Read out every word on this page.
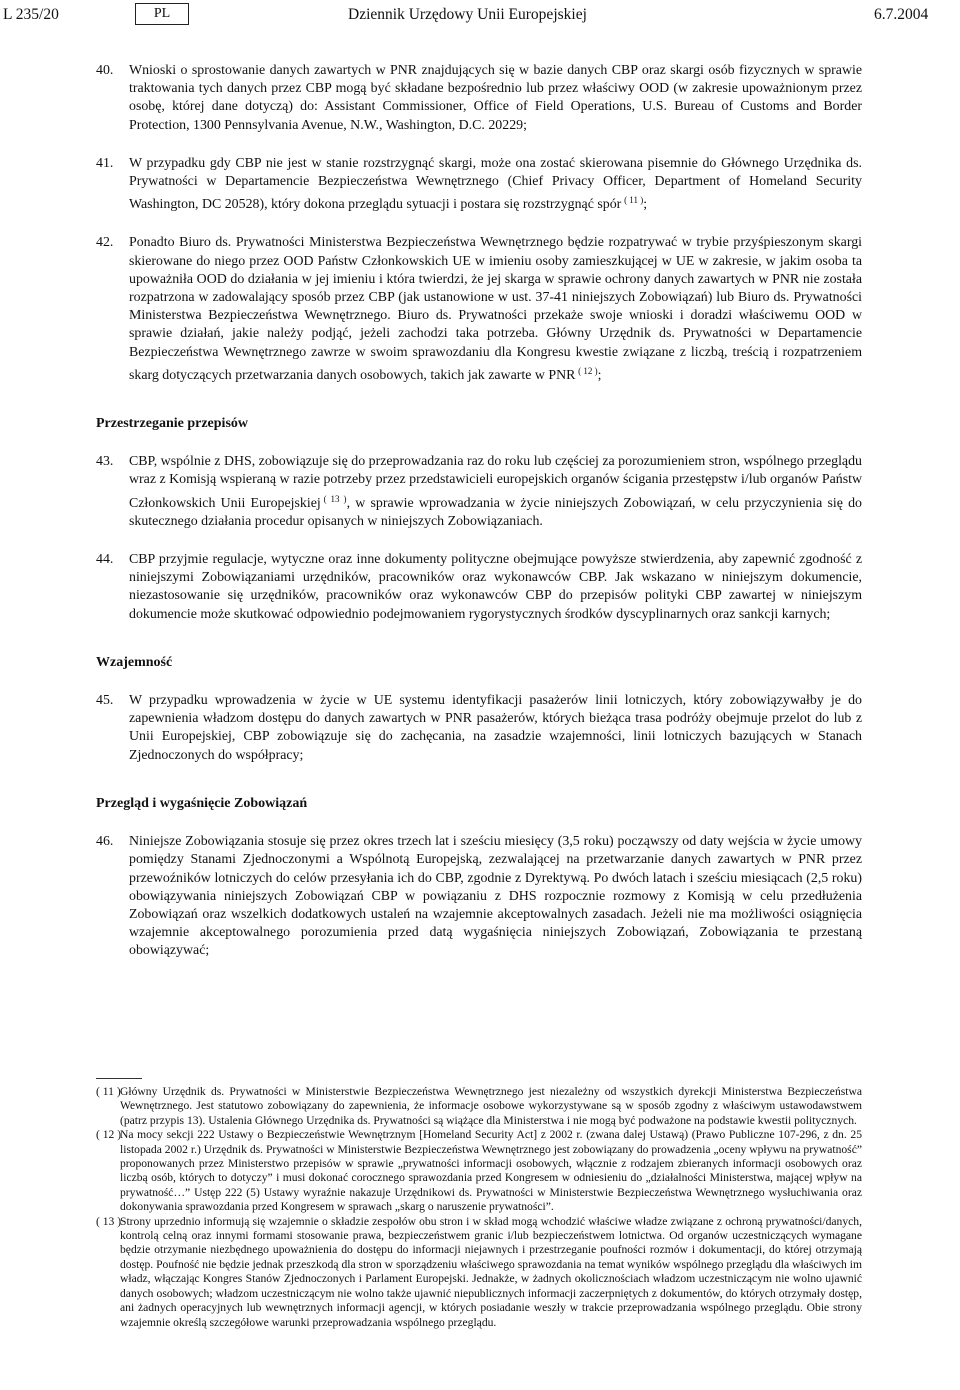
L 235/20	PL	Dziennik Urzędowy Unii Europejskiej	6.7.2004
40. Wnioski o sprostowanie danych zawartych w PNR znajdujących się w bazie danych CBP oraz skargi osób fizycznych w sprawie traktowania tych danych przez CBP mogą być składane bezpośrednio lub przez właściwy OOD (w zakresie upoważnionym przez osobę, której dane dotyczą) do: Assistant Commissioner, Office of Field Operations, U.S. Bureau of Customs and Border Protection, 1300 Pennsylvania Avenue, N.W., Washington, D.C. 20229;
41. W przypadku gdy CBP nie jest w stanie rozstrzygnąć skargi, może ona zostać skierowana pisemnie do Głównego Urzędnika ds. Prywatności w Departamencie Bezpieczeństwa Wewnętrznego (Chief Privacy Officer, Department of Homeland Security Washington, DC 20528), który dokona przeglądu sytuacji i postara się rozstrzygnąć spór  $^{( 11 )}$;
42. Ponadto Biuro ds. Prywatności Ministerstwa Bezpieczeństwa Wewnętrznego będzie rozpatrywać w trybie przyśpieszonym skargi skierowane do niego przez OOD Państw Członkowskich UE w imieniu osoby zamieszkującej w UE w zakresie, w jakim osoba ta upoważniła OOD do działania w jej imieniu i która twierdzi, że jej skarga w sprawie ochrony danych zawartych w PNR nie została rozpatrzona w zadowalający sposób przez CBP (jak ustanowione w ust. 37-41 niniejszych Zobowiązań) lub Biuro ds. Prywatności Ministerstwa Bezpieczeństwa Wewnętrznego. Biuro ds. Prywatności przekaże swoje wnioski i doradzi właściwemu OOD w sprawie działań, jakie należy podjąć, jeżeli zachodzi taka potrzeba. Główny Urzędnik ds. Prywatności w Departamencie Bezpieczeństwa Wewnętrznego zawrze w swoim sprawozdaniu dla Kongresu kwestie związane z liczbą, treścią i rozpatrzeniem skarg dotyczących przetwarzania danych osobowych, takich jak zawarte w PNR  $^{( 12 )}$;
Przestrzeganie przepisów
43. CBP, wspólnie z DHS, zobowiązuje się do przeprowadzania raz do roku lub częściej za porozumieniem stron, wspólnego przeglądu wraz z Komisją wspieraną w razie potrzeby przez przedstawicieli europejskich organów ścigania przestępstw i/lub organów Państw Członkowskich Unii Europejskiej  $^{( 13 )}$, w sprawie wprowadzania w życie niniejszych Zobowiązań, w celu przyczynienia się do skutecznego działania procedur opisanych w niniejszych Zobowiązaniach.
44. CBP przyjmie regulacje, wytyczne oraz inne dokumenty polityczne obejmujące powyższe stwierdzenia, aby zapewnić zgodność z niniejszymi Zobowiązaniami urzędników, pracowników oraz wykonawców CBP. Jak wskazano w niniejszym dokumencie, niezastosowanie się urzędników, pracowników oraz wykonawców CBP do przepisów polityki CBP zawartej w niniejszym dokumencie może skutkować odpowiednio podejmowaniem rygorystycznych środków dyscyplinarnych oraz sankcji karnych;
Wzajemność
45. W przypadku wprowadzenia w życie w UE systemu identyfikacji pasażerów linii lotniczych, który zobowiązywałby je do zapewnienia władzom dostępu do danych zawartych w PNR pasażerów, których bieżąca trasa podróży obejmuje przelot do lub z Unii Europejskiej, CBP zobowiązuje się do zachęcania, na zasadzie wzajemności, linii lotniczych bazujących w Stanach Zjednoczonych do współpracy;
Przegląd i wygaśnięcie Zobowiązań
46. Niniejsze Zobowiązania stosuje się przez okres trzech lat i sześciu miesięcy (3,5 roku) począwszy od daty wejścia w życie umowy pomiędzy Stanami Zjednoczonymi a Wspólnotą Europejską, zezwalającej na przetwarzanie danych zawartych w PNR przez przewoźników lotniczych do celów przesyłania ich do CBP, zgodnie z Dyrektywą. Po dwóch latach i sześciu miesiącach (2,5 roku) obowiązywania niniejszych Zobowiązań CBP w powiązaniu z DHS rozpocznie rozmowy z Komisją w celu przedłużenia Zobowiązań oraz wszelkich dodatkowych ustaleń na wzajemnie akceptowalnych zasadach. Jeżeli nie ma możliwości osiągnięcia wzajemnie akceptowalnego porozumienia przed datą wygaśnięcia niniejszych Zobowiązań, Zobowiązania te przestaną obowiązywać;
( 11 ) Główny Urzędnik ds. Prywatności w Ministerstwie Bezpieczeństwa Wewnętrznego jest niezależny od wszystkich dyrekcji Ministerstwa Bezpieczeństwa Wewnętrznego. Jest statutowo zobowiązany do zapewnienia, że informacje osobowe wykorzystywane są w sposób zgodny z właściwym ustawodawstwem (patrz przypis 13). Ustalenia Głównego Urzędnika ds. Prywatności są wiążące dla Ministerstwa i nie mogą być podważone na podstawie kwestii politycznych.
( 12 )
Na mocy sekcji 222 Ustawy o Bezpieczeństwie Wewnętrznym [Homeland Security Act] z 2002 r. (zwana dalej Ustawą) (Prawo Publiczne 107-296, z dn. 25 listopada 2002 r.) Urzędnik ds. Prywatności w Ministerstwie Bezpieczeństwa Wewnętrznego jest zobowiązany do prowadzenia „oceny wpływu na prywatność” proponowanych przez Ministerstwo przepisów w sprawie „prywatności informacji osobowych, włącznie z rodzajem zbieranych informacji osobowych oraz liczbą osób, których to dotyczy” i musi dokonać corocznego sprawozdania przed Kongresem w odniesieniu do „działalności Ministerstwa, mającej wpływ na prywatność…” Ustęp 222 (5) Ustawy wyraźnie nakazuje Urzędnikowi ds. Prywatności w Ministerstwie Bezpieczeństwa Wewnętrznego wysłuchiwania oraz dokonywania sprawozdania przed Kongresem w sprawach „skarg o naruszenie prywatności”.
( 13 )
Strony uprzednio informują się wzajemnie o składzie zespołów obu stron i w skład mogą wchodzić właściwe władze związane z ochroną prywatności/danych, kontrolą celną oraz innymi formami stosowanie prawa, bezpieczeństwem granic i/lub bezpieczeństwem lotnictwa. Od organów uczestniczących wymagane będzie otrzymanie niezbędnego upoważnienia do dostępu do informacji niejawnych i przestrzeganie poufności rozmów i dokumentacji, do której otrzymają dostęp. Poufność nie będzie jednak przeszkodą dla stron w sporządzeniu właściwego sprawozdania na temat wyników wspólnego przeglądu dla właściwych im władz, włączając Kongres Stanów Zjednoczonych i Parlament Europejski. Jednakże, w żadnych okolicznościach władzom uczestniczącym nie wolno ujawnić danych osobowych; władzom uczestniczącym nie wolno także ujawnić niepublicznych informacji zaczerpniętych z dokumentów, do których otrzymały dostęp, ani żadnych operacyjnych lub wewnętrznych informacji agencji, w których posiadanie weszły w trakcie przeprowadzania wspólnego przeglądu. Obie strony wzajemnie określą szczegółowe warunki przeprowadzania wspólnego przeglądu.
